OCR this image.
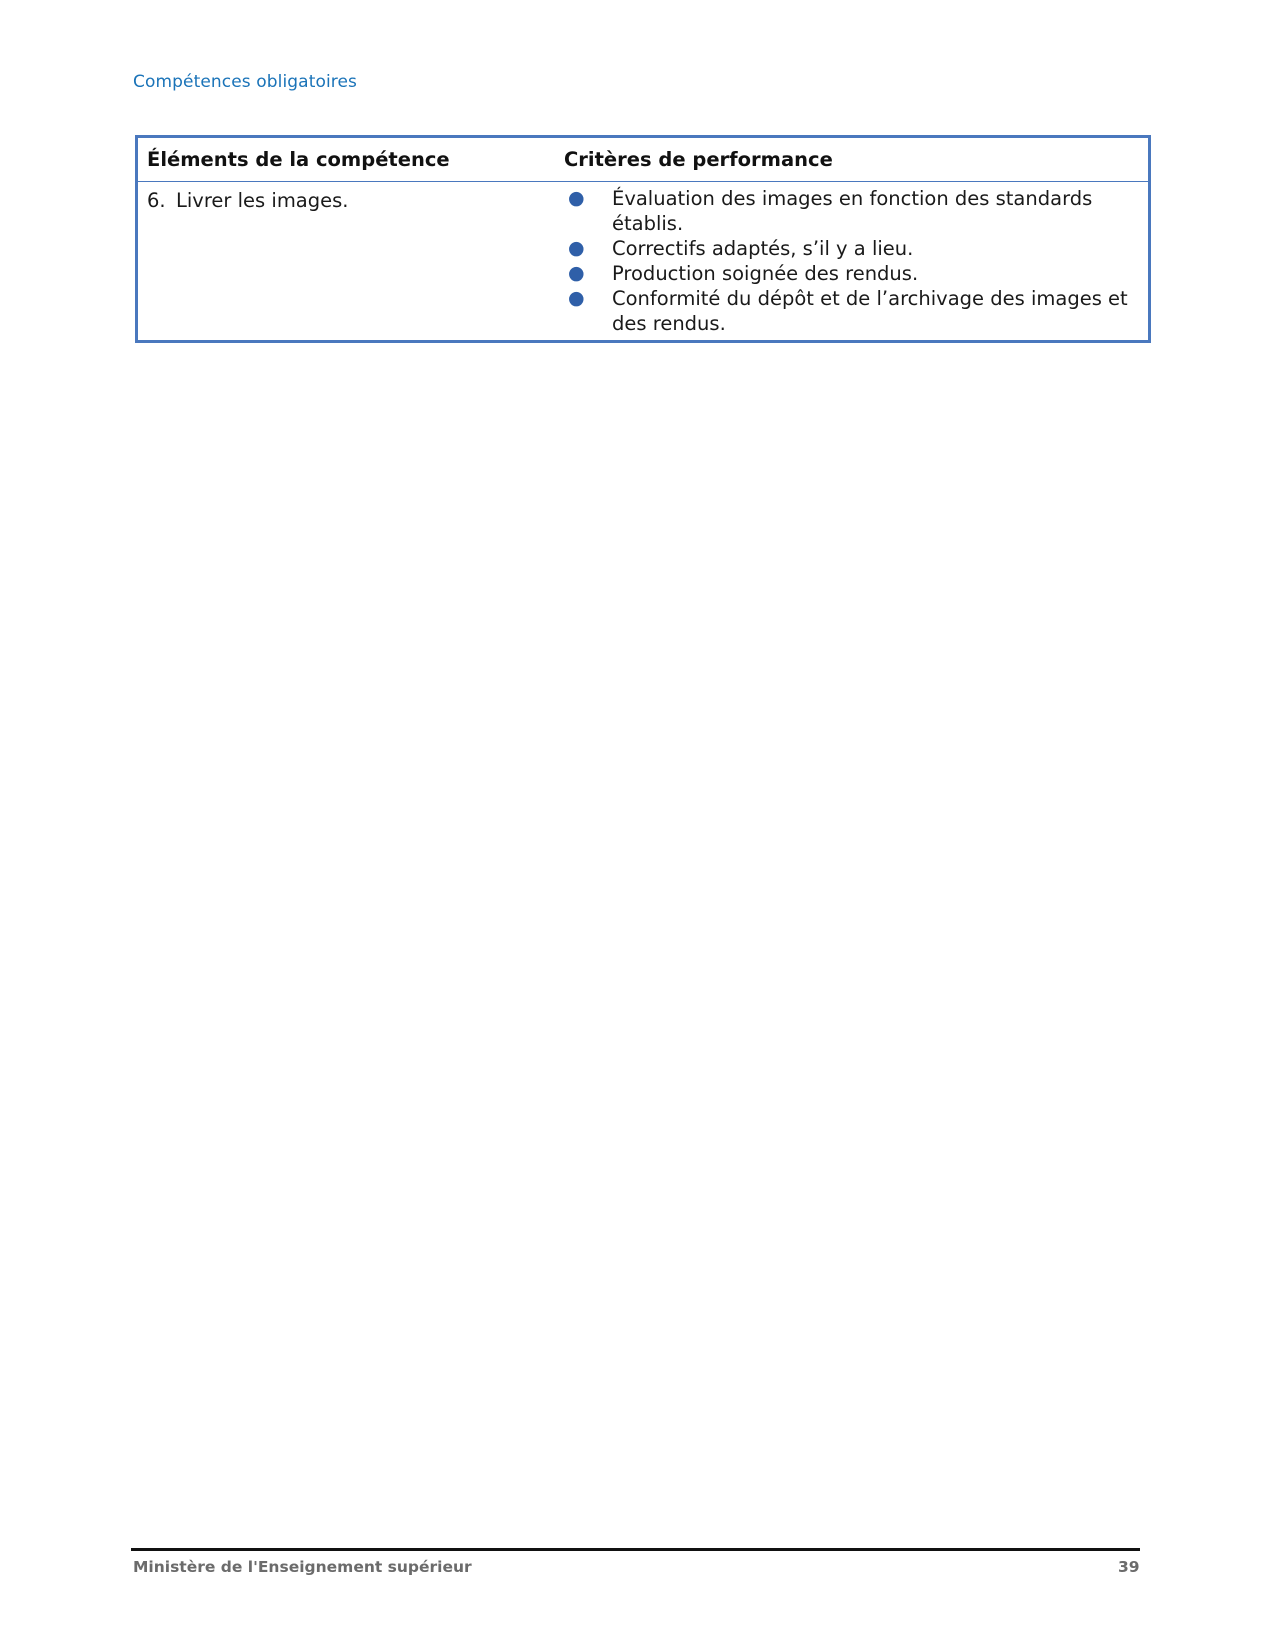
Compétences obligatoires
Éléments de la compétence	Critères de performance
6. Livrer les images.	● Évaluation des images en fonction des standards établis.
● Correctifs adaptés, s’il y a lieu.
● Production soignée des rendus.
● Conformité du dépôt et de l’archivage des images et des rendus.
Ministère de l'Enseignement supérieur	39
